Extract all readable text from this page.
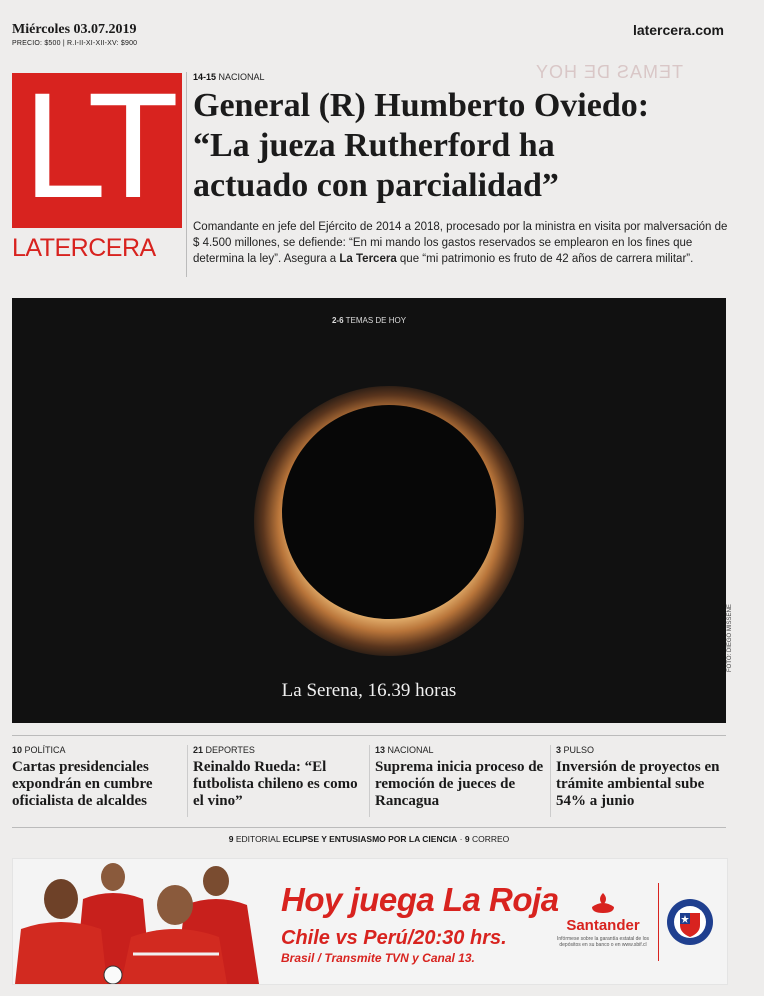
Miércoles 03.07.2019
PRECIO: $500 | R.I-II-XI-XII-XV: $900
latercera.com
TEMAS DE HOY
LT
LATERCERA
14-15 NACIONAL
General (R) Humberto Oviedo:
“La jueza Rutherford ha
actuado con parcialidad”
Comandante en jefe del Ejército de 2014 a 2018, procesado por la ministra en visita por malversación de $ 4.500 millones, se defiende: “En mi mando los gastos reservados se emplearon en los fines que determina la ley”. Asegura a La Tercera que “mi patrimonio es fruto de 42 años de carrera militar”.
2-6 TEMAS DE HOY
La Serena, 16.39 horas
FOTO: DIEGO MISSENE
10 POLÍTICA
Cartas presidenciales expondrán en cumbre oficialista de alcaldes
21 DEPORTES
Reinaldo Rueda: “El futbolista chileno es como el vino”
13 NACIONAL
Suprema inicia proceso de remoción de jueces de Rancagua
3 PULSO
Inversión de proyectos en trámite ambiental sube 54% a junio
9 EDITORIAL ECLIPSE Y ENTUSIASMO POR LA CIENCIA · 9 CORREO
Hoy juega La Roja
Chile vs Perú/20:30 hrs.
Brasil / Transmite TVN y Canal 13.
Santander
Infórmese sobre la garantía estatal de los depósitos en su banco o en www.sbif.cl
